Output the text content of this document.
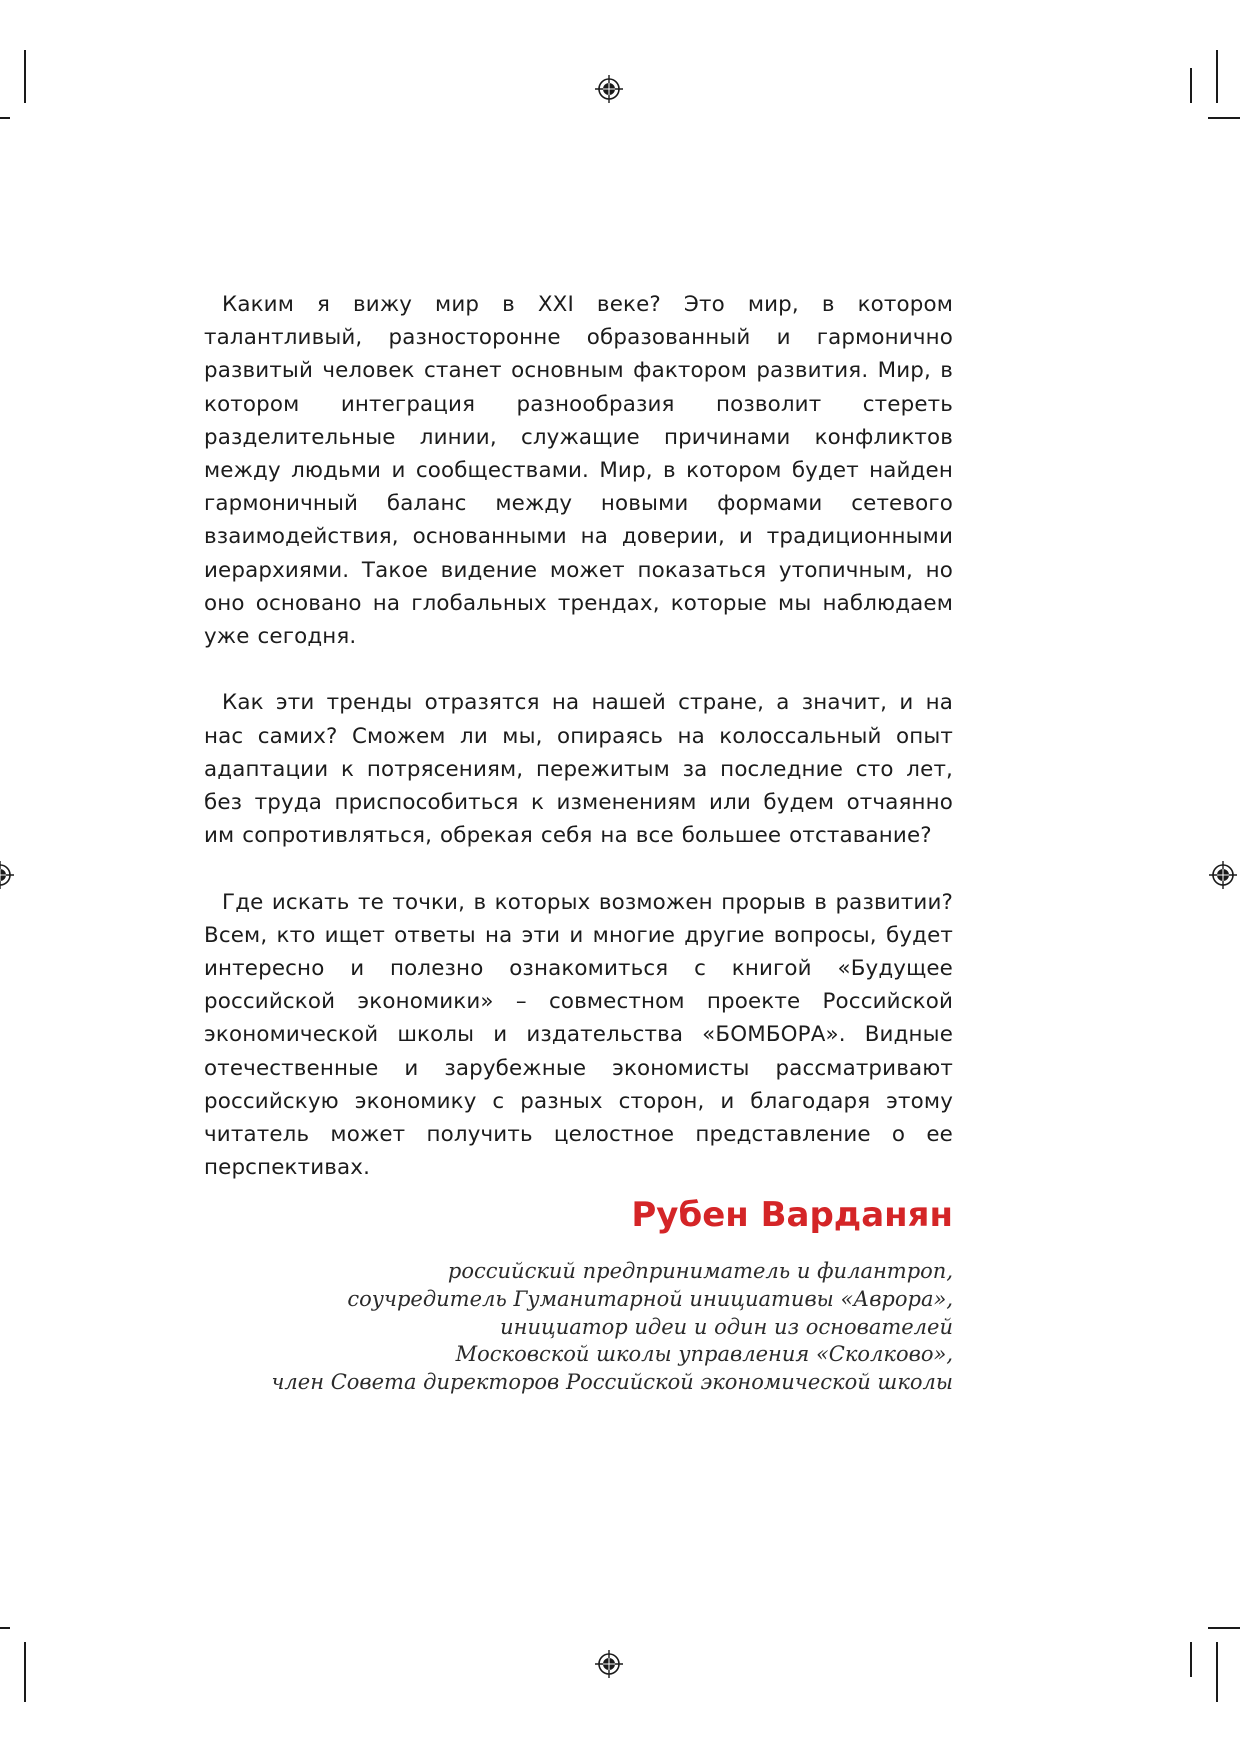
Каким я вижу мир в XXI веке? Это мир, в котором талантливый, разносторонне образованный и гармонично развитый человек станет основным фактором развития. Мир, в котором интеграция разнообразия позволит стереть разделительные линии, служащие причинами конфликтов между людьми и сообществами. Мир, в котором будет найден гармоничный баланс между новыми формами сетевого взаимодействия, основанными на доверии, и традиционными иерархиями. Такое видение может показаться утопичным, но оно основано на глобальных трендах, которые мы наблюдаем уже сегодня.

Как эти тренды отразятся на нашей стране, а значит, и на нас самих? Сможем ли мы, опираясь на колоссальный опыт адаптации к потрясениям, пережитым за последние сто лет, без труда приспособиться к изменениям или будем отчаянно им сопротивляться, обрекая себя на все большее отставание?

Где искать те точки, в которых возможен прорыв в развитии? Всем, кто ищет ответы на эти и многие другие вопросы, будет интересно и полезно ознакомиться с книгой «Будущее российской экономики» – совместном проекте Российской экономической школы и издательства «БОМБОРА». Видные отечественные и зарубежные экономисты рассматривают российскую экономику с разных сторон, и благодаря этому читатель может получить целостное представление о ее перспективах.

Рубен Варданян
российский предприниматель и филантроп,
соучредитель Гуманитарной инициативы «Аврора»,
инициатор идеи и один из основателей
Московской школы управления «Сколково»,
член Совета директоров Российской экономической школы
